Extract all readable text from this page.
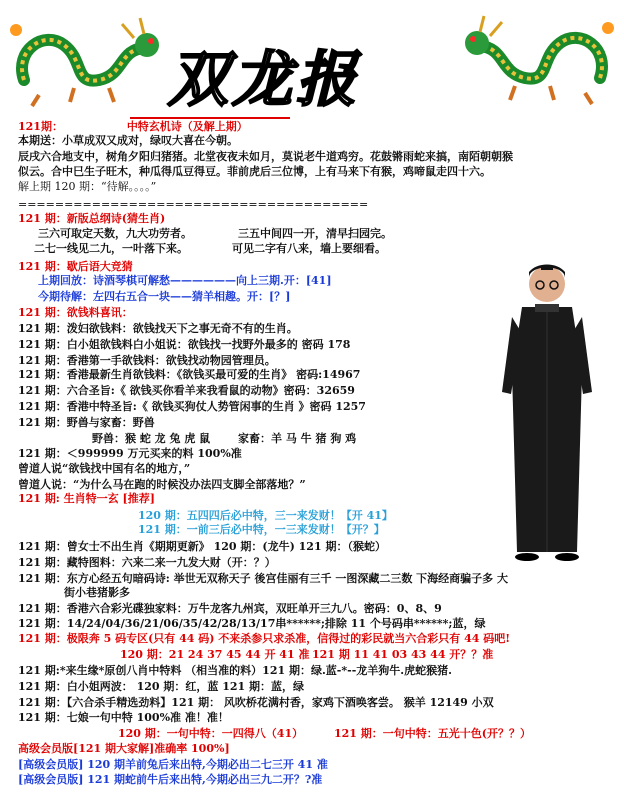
双龙报
121期：	中特玄机诗（及解上期）
本期送：小草成双又成对，绿叹大喜在今朝。
辰戌六合地支中，树角夕阳归猪猪。北堂夜夜未如月，莫说老牛道鸡穷。花鼓锵雨蛇来搞，南陌朝朝猴
似云。合中巳生子旺木，种瓜得瓜豆得豆。菲前虎后三位博，上有马来下有猴，鸡啼鼠走四十六。
解上期 120 期：“待解。。。。”
======================================
121 期：新版总纲诗(猜生肖)
三六可取定天数，九大功劳者。	三五中间四一开，清早扫园完。
二七一线见二九，一叶落下来。	可见二字有八来，墙上要细看。
121 期：歇后语大竞猜
上期回放：诗酒琴棋可解愁——————向上三期.开：[41]
今期待解：左四右五合一块——猜羊相趣。开：[？]
121 期：欲钱料喜讯：
121 期：泼妇欲钱料：欲钱找天下之事无奇不有的生肖。
121 期：白小姐欲钱料白小姐说：欲钱找一找野外最多的 密码 178
121 期：香港第一手欲钱料：欲钱找动物园管理员。
121 期：香港最新生肖欲钱料：《欲钱买最可爱的生肖》 密码:14967
121 期：六合圣旨:《 欲钱买你看羊来我看鼠的动物》密码：32659
121 期：香港中特圣旨:《 欲钱买狗仗人势管闲事的生肖 》密码 1257
121 期：野兽与家畜：野兽
野兽：猴 蛇 龙 兔 虎 鼠	家畜：羊 马 牛 猪 狗 鸡
121 期：＜999999 万元买来的料 100%准
曾道人说“欲钱找中国有名的地方，”
曾道人说：“为什么马在跑的时候没办法四支脚全部落地？”
121 期: 生肖特一玄 [推荐]
120 期：五四四后必中特，三一来发财！【开 41】
121 期：一前三后必中特，一三来发财！【开？】
121 期：曾女士不出生肖《期期更新》 120 期：(龙牛) 121 期：（猴蛇）
121 期：藏特图料：六来二来一九发大财（开：？）
121 期：东方心经五句暗码诗: 举世无双称天子 後宫佳丽有三千 一图深藏二三数 下海经商骗子多 大
街小巷猪影多
121 期：香港六合彩光碟独家料：万牛龙客九州宾，双旺单开三九八。密码：0、8、9
121 期：14/24/04/36/21/06/35/42/28/13/17串******;排除 11 个号码串******;蓝，绿
121 期：极限奔 5 码专区(只有 44 码) 不来杀参只求杀准，信得过的彩民就当六合彩只有 44 码吧!
120 期：21 24 37 45 44 开 41 准 121 期 11 41 03 43 44 开？？准
121 期:*来生缘*原创八肖中特料 （相当准的料）121 期：绿.蓝-*--龙羊狗牛.虎蛇猴猪.
121 期：白小姐两波： 120 期：红，蓝 121 期：蓝，绿
121 期：【六合杀手精选劲料】121 期： 风吹桥花满村香，家鸡下酒唤客尝。 猴羊 12149 小双
121 期：七娘一句中特 100%准 准！准！
120 期：一句中特：一四得八（41）	121 期：一句中特：五光十色(开？？）
高级会员版[121 期大家解]准确率 100%]
[高级会员版] 120 期羊前兔后来出特,今期必出二七三开 41 准
[高级会员版] 121 期蛇前牛后来出特,今期必出三九二开？?准
